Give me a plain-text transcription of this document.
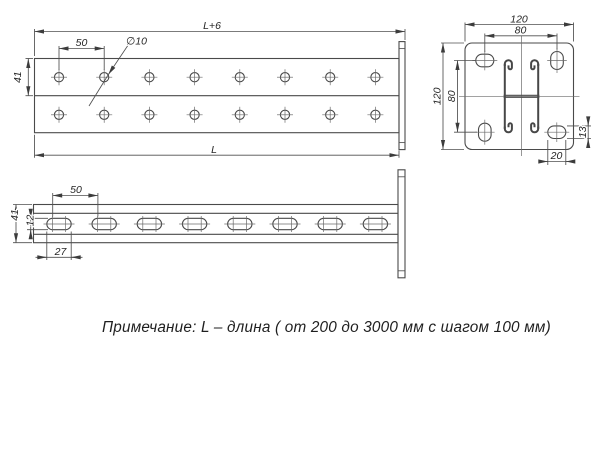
L+6
L
50
41
∅10
50
41 12
27
120
80
120 80
13
20
Примечание: L – длина ( от 200 до 3000 мм с шагом 100 мм)
